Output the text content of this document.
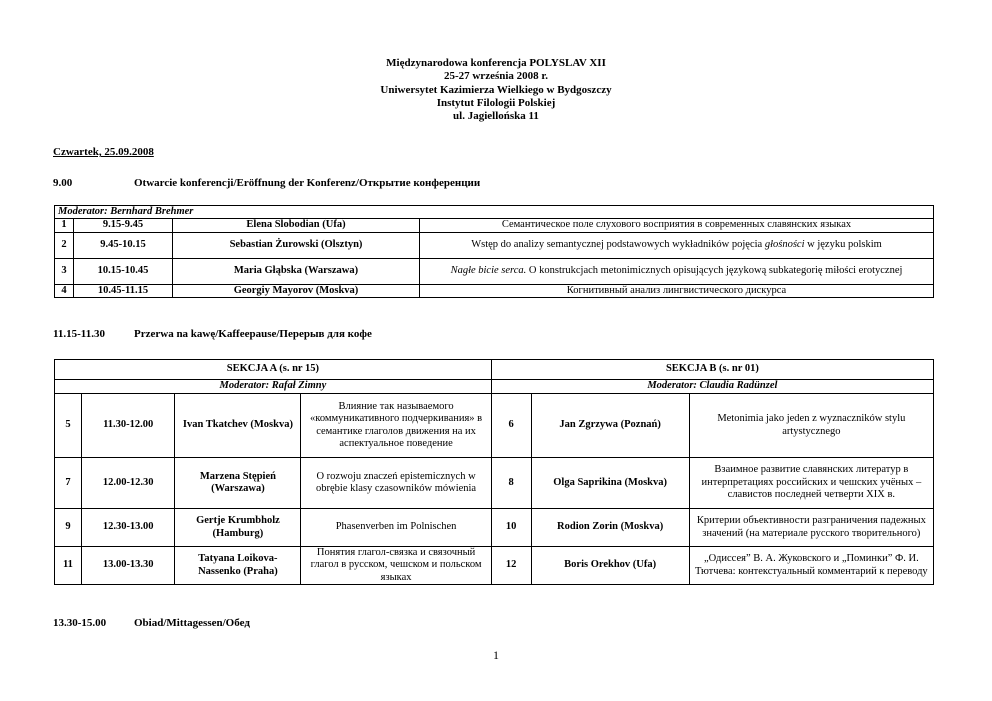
Międzynarodowa konferencja POLYSLAV XII
25-27 września 2008 r.
Uniwersytet Kazimierza Wielkiego w Bydgoszczy
Instytut Filologii Polskiej
ul. Jagiellońska 11
Czwartek, 25.09.2008
9.00	Otwarcie konferencji/Eröffnung der Konferenz/Открытие конференции
Moderator: Bernhard Brehmer			
1	9.15-9.45	Elena Slobodian (Ufa)	Семантическое поле слухового восприятия в современных славянских языках
2	9.45-10.15	Sebastian Żurowski (Olsztyn)	Wstęp do analizy semantycznej podstawowych wykładników pojęcia głośności w języku polskim
3	10.15-10.45	Maria Głąbska (Warszawa)	Nagłe bicie serca. O konstrukcjach metonimicznych opisujących językową subkategorię miłości erotycznej
4	10.45-11.15	Georgiy Mayorov (Moskva)	Когнитивный анализ лингвистического дискурса
11.15-11.30	Przerwa na kawę/Kaffeepause/Перерыв для кофе
SEKCJA A (s. nr 15)				SEKCJA B (s. nr 01)		
Moderator: Rafał Zimny				Moderator: Claudia Radünzel		
5	11.30-12.00	Ivan Tkatchev (Moskva)	Влияние так называемого «коммуникативного подчеркивания» в семантике глаголов движения на их аспектуальное поведение	6	Jan Zgrzywa (Poznań)	Metonimia jako jeden z wyznaczników stylu artystycznego
7	12.00-12.30	Marzena Stępień (Warszawa)	O rozwoju znaczeń epistemicznych w obrębie klasy czasowników mówienia	8	Olga Saprikina (Moskva)	Взаимное развитие славянских литератур в интерпретациях российских и чешских учёных – славистов последней четверти XIX в.
9	12.30-13.00	Gertje Krumbholz (Hamburg)	Phasenverben im Polnischen	10	Rodion Zorin (Moskva)	Критерии объективности разграничения падежных значений (на материале русского творительного)
11	13.00-13.30	Tatyana Loikova-Nassenko (Praha)	Понятия глагол-связка и связочный глагол в русском, чешском и польском языках	12	Boris Orekhov (Ufa)	„Одиссея” В. А. Жуковского и „Поминки” Ф. И. Тютчева: контекстуальный комментарий к переводу
13.30-15.00	Obiad/Mittagessen/Обед
1
